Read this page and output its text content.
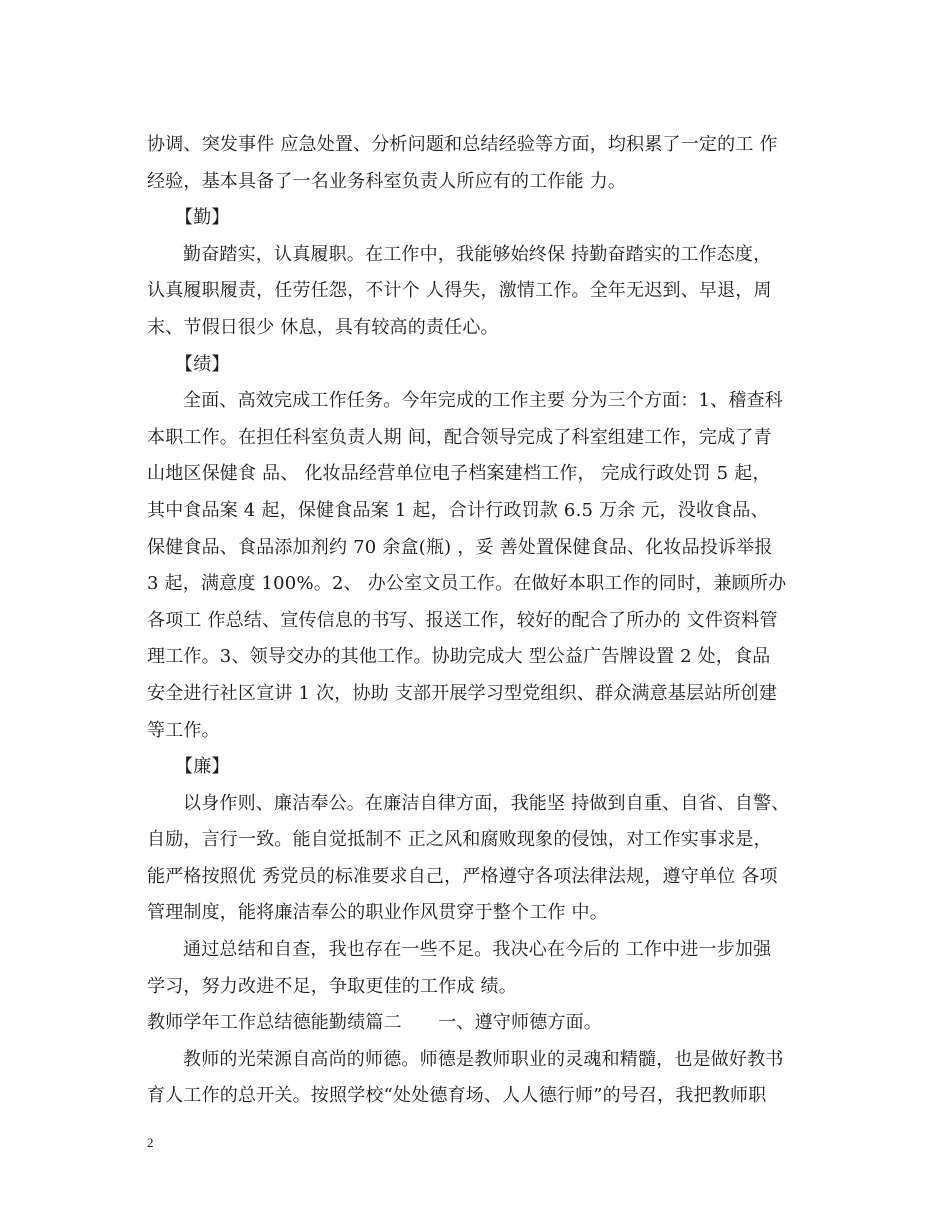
协调、突发事件 应急处置、分析问题和总结经验等方面，均积累了一定的工 作
经验，基本具备了一名业务科室负责人所应有的工作能 力。
【勤】
勤奋踏实，认真履职。在工作中，我能够始终保 持勤奋踏实的工作态度，
认真履职履责，任劳任怨，不计个 人得失，激情工作。全年无迟到、早退，周
末、节假日很少 休息，具有较高的责任心。
【绩】
全面、高效完成工作任务。今年完成的工作主要 分为三个方面：1、稽查科
本职工作。在担任科室负责人期 间，配合领导完成了科室组建工作，完成了青
山地区保健食 品、 化妆品经营单位电子档案建档工作， 完成行政处罚 5 起，
其中食品案 4 起，保健食品案 1 起，合计行政罚款 6.5 万余 元，没收食品、
保健食品、食品添加剂约 70 余盒(瓶) ，妥 善处置保健食品、化妆品投诉举报
3 起，满意度 100%。2、 办公室文员工作。在做好本职工作的同时，兼顾所办
各项工 作总结、宣传信息的书写、报送工作，较好的配合了所办的 文件资料管
理工作。3、领导交办的其他工作。协助完成大 型公益广告牌设置 2 处，食品
安全进行社区宣讲 1 次，协助 支部开展学习型党组织、群众满意基层站所创建
等工作。
【廉】
以身作则、廉洁奉公。在廉洁自律方面，我能坚 持做到自重、自省、自警、
自励，言行一致。能自觉抵制不 正之风和腐败现象的侵蚀，对工作实事求是，
能严格按照优 秀党员的标准要求自己，严格遵守各项法律法规，遵守单位 各项
管理制度，能将廉洁奉公的职业作风贯穿于整个工作 中。
通过总结和自查，我也存在一些不足。我决心在今后的 工作中进一步加强
学习，努力改进不足，争取更佳的工作成 绩。
教师学年工作总结德能勤绩篇二　　一、遵守师德方面。
教师的光荣源自高尚的师德。师德是教师职业的灵魂和精髓，也是做好教书
育人工作的总开关。按照学校“处处德育场、人人德行师”的号召，我把教师职
2
